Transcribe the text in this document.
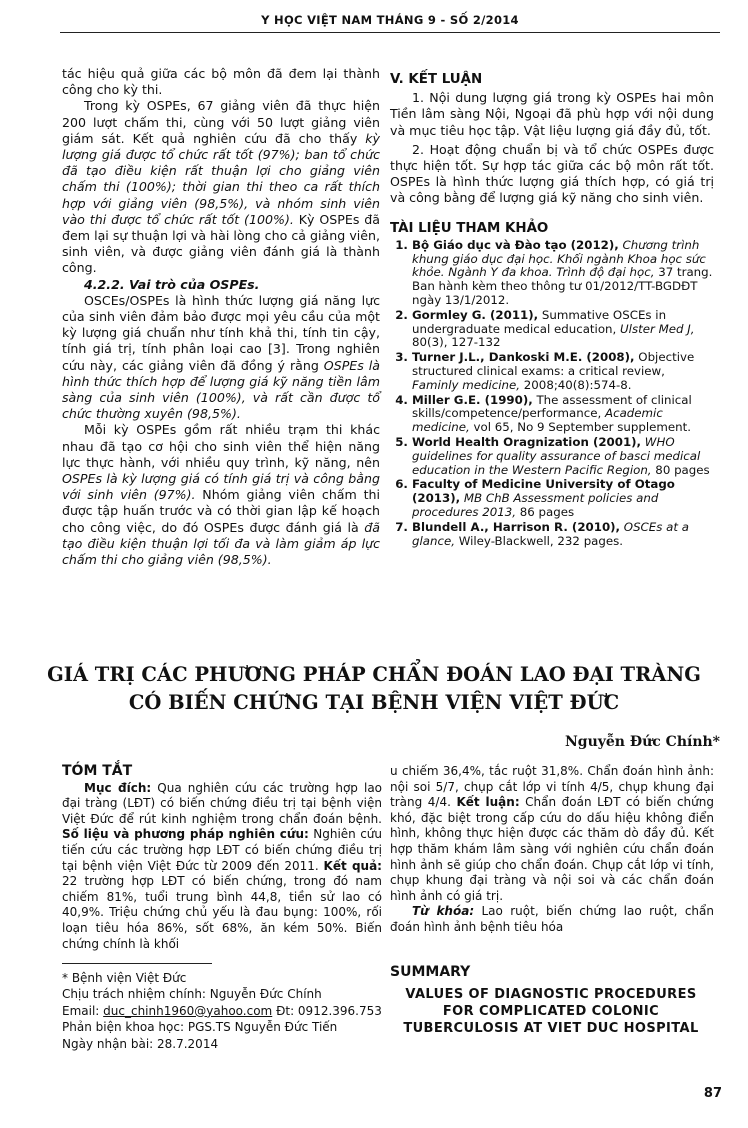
Y HỌC VIỆT NAM THÁNG 9 - SỐ 2/2014

tác hiệu quả giữa các bộ môn đã đem lại thành công cho kỳ thi.

Trong kỳ OSPEs, 67 giảng viên đã thực hiện 200 lượt chấm thi, cùng với 50 lượt giảng viên giám sát. Kết quả nghiên cứu đã cho thấy kỳ lượng giá được tổ chức rất tốt (97%); ban tổ chức đã tạo điều kiện rất thuận lợi cho giảng viên chấm thi (100%); thời gian thi theo ca rất thích hợp với giảng viên (98,5%), và nhóm sinh viên vào thi được tổ chức rất tốt (100%). Kỳ OSPEs đã đem lại sự thuận lợi và hài lòng cho cả giảng viên, sinh viên, và được giảng viên đánh giá là thành công.

4.2.2. Vai trò của OSPEs.

OSCEs/OSPEs là hình thức lượng giá năng lực của sinh viên đảm bảo được mọi yêu cầu của một kỳ lượng giá chuẩn như tính khả thi, tính tin cậy, tính giá trị, tính phân loại cao [3]. Trong nghiên cứu này, các giảng viên đã đồng ý rằng OSPEs là hình thức thích hợp để lượng giá kỹ năng tiền lâm sàng của sinh viên (100%), và rất cần được tổ chức thường xuyên (98,5%).

Mỗi kỳ OSPEs gồm rất nhiều trạm thi khác nhau đã tạo cơ hội cho sinh viên thể hiện năng lực thực hành, với nhiều quy trình, kỹ năng, nên OSPEs là kỳ lượng giá có tính giá trị và công bằng với sinh viên (97%). Nhóm giảng viên chấm thi được tập huấn trước và có thời gian lập kế hoạch cho công việc, do đó OSPEs được đánh giá là đã tạo điều kiện thuận lợi tối đa và làm giảm áp lực chấm thi cho giảng viên (98,5%).

V. KẾT LUẬN

1. Nội dung lượng giá trong kỳ OSPEs hai môn Tiền lâm sàng Nội, Ngoại đã phù hợp với nội dung và mục tiêu học tập. Vật liệu lượng giá đầy đủ, tốt.

2. Hoạt động chuẩn bị và tổ chức OSPEs được thực hiện tốt. Sự hợp tác giữa các bộ môn rất tốt. OSPEs là hình thức lượng giá thích hợp, có giá trị và công bằng để lượng giá kỹ năng cho sinh viên.

TÀI LIỆU THAM KHẢO
1. Bộ Giáo dục và Đào tạo (2012), Chương trình khung giáo dục đại học. Khối ngành Khoa học sức khỏe. Ngành Y đa khoa. Trình độ đại học, 37 trang. Ban hành kèm theo thông tư 01/2012/TT-BGDĐT ngày 13/1/2012.
2. Gormley G. (2011), Summative OSCEs in undergraduate medical education, Ulster Med J, 80(3), 127-132
3. Turner J.L., Dankoski M.E. (2008), Objective structured clinical exams: a critical review, Faminly medicine, 2008;40(8):574-8.
4. Miller G.E. (1990), The assessment of clinical skills/competence/performance, Academic medicine, vol 65, No 9 September supplement.
5. World Health Oragnization (2001), WHO guidelines for quality assurance of basci medical education in the Western Pacific Region, 80 pages
6. Faculty of Medicine University of Otago (2013), MB ChB Assessment policies and procedures 2013, 86 pages
7. Blundell A., Harrison R. (2010), OSCEs at a glance, Wiley-Blackwell, 232 pages.
GIÁ TRỊ CÁC PHƯƠNG PHÁP CHẨN ĐOÁN LAO ĐẠI TRÀNG
CÓ BIẾN CHỨNG TẠI BỆNH VIỆN VIỆT ĐỨC
Nguyễn Đức Chính*
TÓM TẮT

Mục đích: Qua nghiên cứu các trường hợp lao đại tràng (LĐT) có biến chứng điều trị tại bệnh viện Việt Đức để rút kinh nghiệm trong chẩn đoán bệnh. Số liệu và phương pháp nghiên cứu: Nghiên cứu tiến cứu các trường hợp LĐT có biến chứng điều trị tại bệnh viện Việt Đức từ 2009 đến 2011. Kết quả: 22 trường hợp LĐT có biến chứng, trong đó nam chiếm 81%, tuổi trung bình 44,8, tiền sử lao có 40,9%. Triệu chứng chủ yếu là đau bụng: 100%, rối loạn tiêu hóa 86%, sốt 68%, ăn kém 50%. Biến chứng chính là khối

u chiếm 36,4%, tắc ruột 31,8%. Chẩn đoán hình ảnh: nội soi 5/7, chụp cắt lớp vi tính 4/5, chụp khung đại tràng 4/4. Kết luận: Chẩn đoán LĐT có biến chứng khó, đặc biệt trong cấp cứu do dấu hiệu không điển hình, không thực hiện được các thăm dò đầy đủ. Kết hợp thăm khám lâm sàng với nghiên cứu chẩn đoán hình ảnh sẽ giúp cho chẩn đoán. Chụp cắt lớp vi tính, chụp khung đại tràng và nội soi và các chẩn đoán hình ảnh có giá trị.

Từ khóa: Lao ruột, biến chứng lao ruột, chẩn đoán hình ảnh bệnh tiêu hóa

* Bệnh viện Việt Đức
Chịu trách nhiệm chính: Nguyễn Đức Chính
Email: duc_chinh1960@yahoo.com Đt: 0912.396.753
Phản biện khoa học: PGS.TS Nguyễn Đức Tiến
Ngày nhận bài: 28.7.2014
SUMMARY
VALUES OF DIAGNOSTIC PROCEDURES
FOR COMPLICATED COLONIC
TUBERCULOSIS AT VIET DUC HOSPITAL
87
